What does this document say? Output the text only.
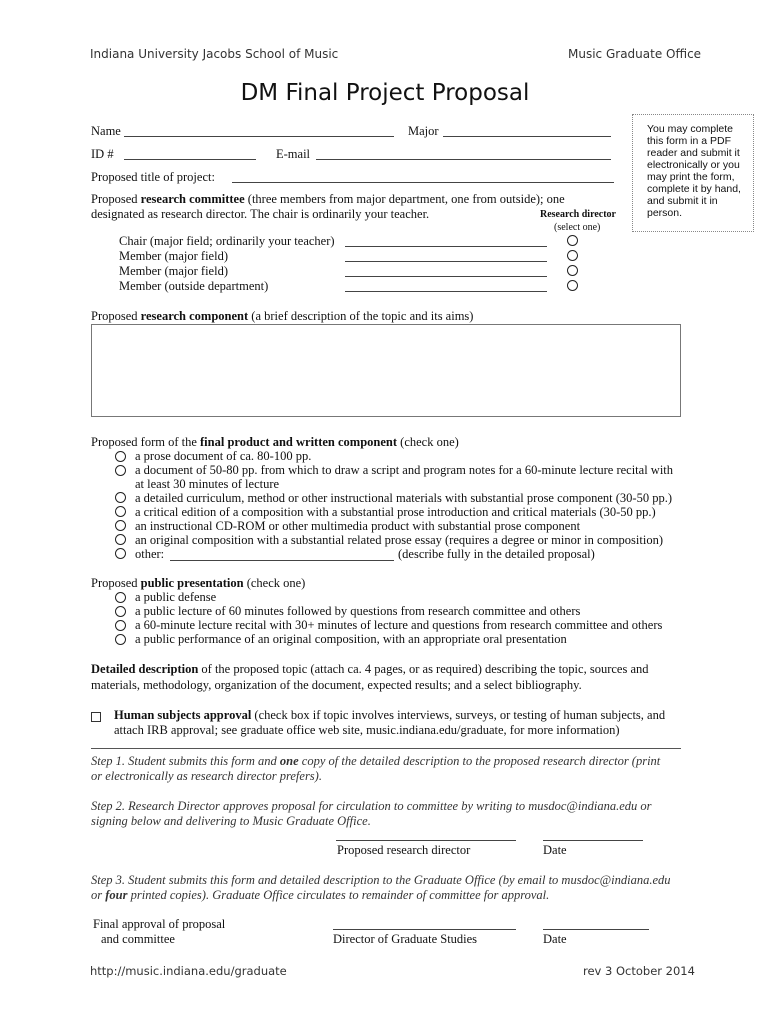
Indiana University Jacobs School of Music	Music Graduate Office
DM Final Project Proposal
You may complete this form in a PDF reader and submit it electronically or you may print the form, complete it by hand, and submit it in person.
Name	Major
ID #	E-mail
Proposed title of project:
Proposed research committee (three members from major department, one from outside); one
designated as research director. The chair is ordinarily your teacher.	Research director
(select one)
Chair (major field; ordinarily your teacher)
Member (major field)
Member (major field)
Member (outside department)
Proposed research component (a brief description of the topic and its aims)
Proposed form of the final product and written component (check one)
a prose document of ca. 80-100 pp.
a document of 50-80 pp. from which to draw a script and program notes for a 60-minute lecture recital with
at least 30 minutes of lecture
a detailed curriculum, method or other instructional materials with substantial prose component (30-50 pp.)
a critical edition of a composition with a substantial prose introduction and critical materials (30-50 pp.)
an instructional CD-ROM or other multimedia product with substantial prose component
an original composition with a substantial related prose essay (requires a degree or minor in composition)
other:	(describe fully in the detailed proposal)
Proposed public presentation (check one)
a public defense
a public lecture of 60 minutes followed by questions from research committee and others
a 60-minute lecture recital with 30+ minutes of lecture and questions from research committee and others
a public performance of an original composition, with an appropriate oral presentation
Detailed description of the proposed topic (attach ca. 4 pages, or as required) describing the topic, sources and
materials, methodology, organization of the document, expected results; and a select bibliography.
Human subjects approval (check box if topic involves interviews, surveys, or testing of human subjects, and
attach IRB approval; see graduate office web site, music.indiana.edu/graduate, for more information)
Step 1. Student submits this form and one copy of the detailed description to the proposed research director (print
or electronically as research director prefers).
Step 2. Research Director approves proposal for circulation to committee by writing to musdoc@indiana.edu or
signing below and delivering to Music Graduate Office.
Proposed research director	Date
Step 3. Student submits this form and detailed description to the Graduate Office (by email to musdoc@indiana.edu
or four printed copies). Graduate Office circulates to remainder of committee for approval.
Final approval of proposal
and committee	Director of Graduate Studies	Date
http://music.indiana.edu/graduate	rev 3 October 2014
